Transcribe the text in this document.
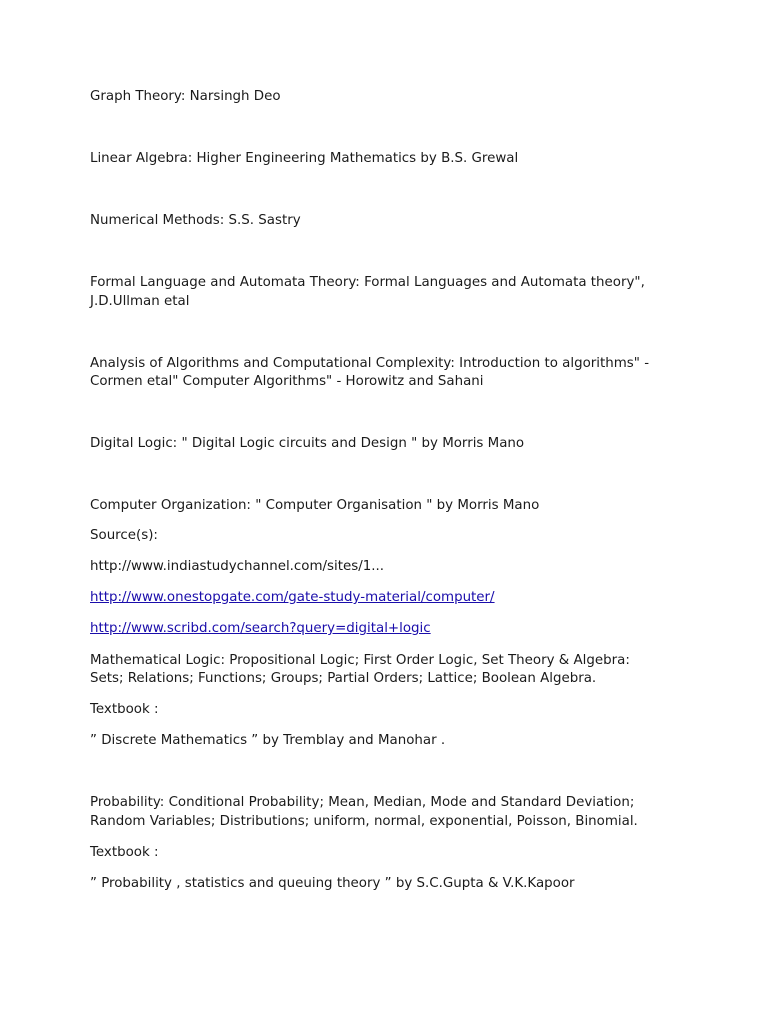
Graph Theory: Narsingh Deo
Linear Algebra: Higher Engineering Mathematics by B.S. Grewal
Numerical Methods: S.S. Sastry
Formal Language and Automata Theory: Formal Languages and Automata theory",
J.D.Ullman etal
Analysis of Algorithms and Computational Complexity: Introduction to algorithms" -
Cormen etal" Computer Algorithms" - Horowitz and Sahani
Digital Logic: " Digital Logic circuits and Design " by Morris Mano
Computer Organization: " Computer Organisation " by Morris Mano
Source(s):
http://www.indiastudychannel.com/sites/1...
http://www.onestopgate.com/gate-study-material/computer/
http://www.scribd.com/search?query=digital+logic
Mathematical Logic: Propositional Logic; First Order Logic, Set Theory & Algebra:
Sets; Relations; Functions; Groups; Partial Orders; Lattice; Boolean Algebra.
Textbook :
” Discrete Mathematics ” by Tremblay and Manohar .
Probability: Conditional Probability; Mean, Median, Mode and Standard Deviation;
Random Variables; Distributions; uniform, normal, exponential, Poisson, Binomial.
Textbook :
” Probability , statistics and queuing theory ” by S.C.Gupta & V.K.Kapoor
